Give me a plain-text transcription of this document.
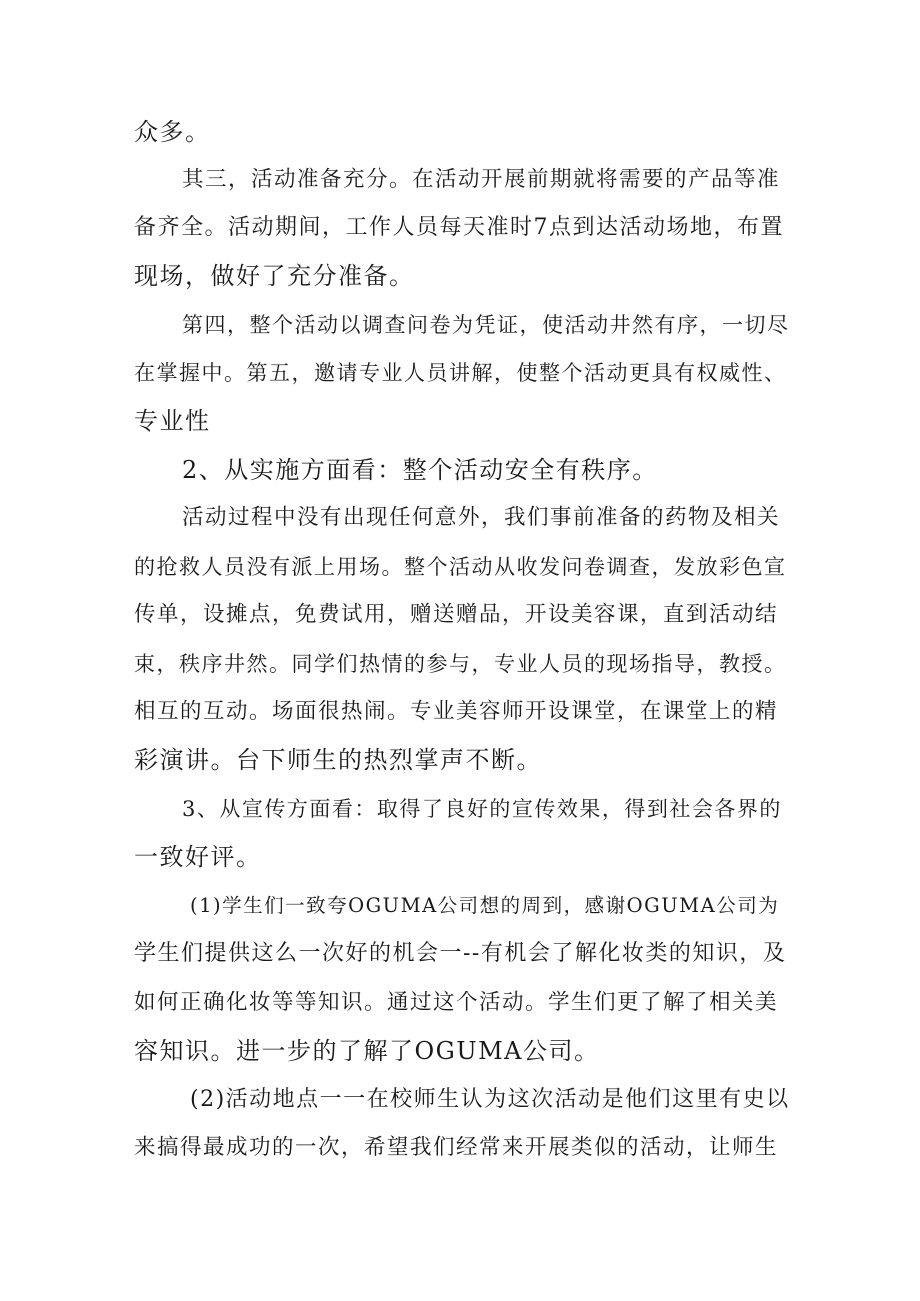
众多。
其三，活动准备充分。在活动开展前期就将需要的产品等准
备齐全。活动期间，工作人员每天准时7点到达活动场地，布置
现场，做好了充分准备。
第四，整个活动以调查问卷为凭证，使活动井然有序，一切尽
在掌握中。第五，邀请专业人员讲解，使整个活动更具有权威性、
专业性
2、从实施方面看：整个活动安全有秩序。
活动过程中没有出现任何意外，我们事前准备的药物及相关
的抢救人员没有派上用场。整个活动从收发问卷调查，发放彩色宣
传单，设摊点，免费试用，赠送赠品，开设美容课，直到活动结
束，秩序井然。同学们热情的参与，专业人员的现场指导，教授。
相互的互动。场面很热闹。专业美容师开设课堂，在课堂上的精
彩演讲。台下师生的热烈掌声不断。
3、从宣传方面看：取得了良好的宣传效果，得到社会各界的
一致好评。
(1)学生们一致夸OGUMA公司想的周到，感谢OGUMA公司为
学生们提供这么一次好的机会一--有机会了解化妆类的知识，及
如何正确化妆等等知识。通过这个活动。学生们更了解了相关美
容知识。进一步的了解了OGUMA公司。
(2)活动地点一一在校师生认为这次活动是他们这里有史以
来搞得最成功的一次，希望我们经常来开展类似的活动，让师生
